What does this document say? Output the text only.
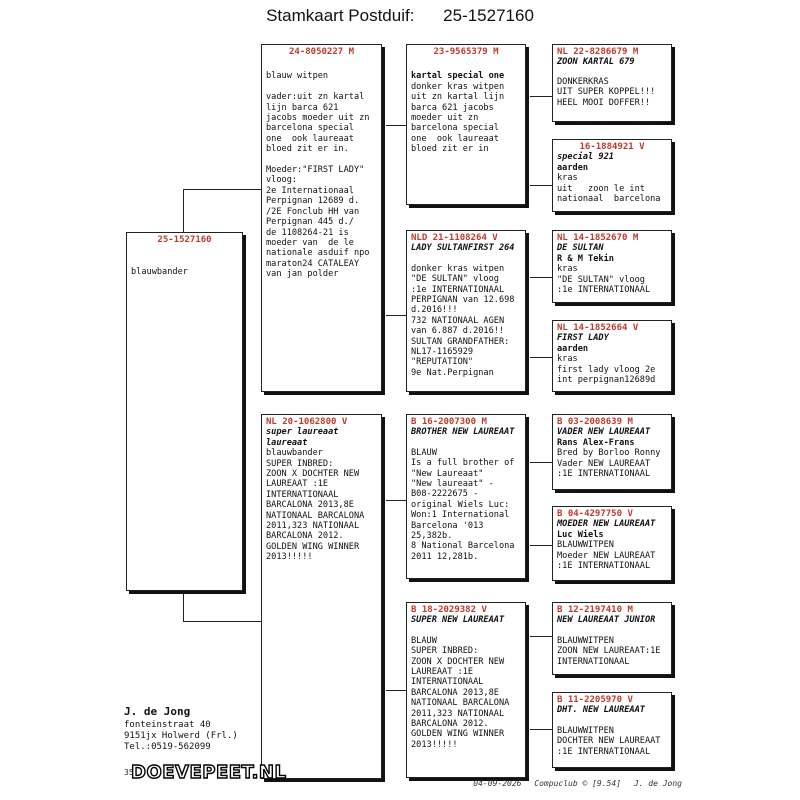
Stamkaart Postduif: 25-1527160
25-1527160
blauwbander
24-8050227 M
blauw witpen

vader:uit zn kartal
lijn barca 621
jacobs moeder uit zn
barcelona special
one  ook laureaat
bloed zit er in.

Moeder:"FIRST LADY"
vloog:
2e Internationaal
Perpignan 12689 d.
/2E Fonclub HH van
Perpignan 445 d./
de 1108264-21 is
moeder van  de le
nationale asduif npo
maraton24 CATALEAY
van jan polder
NL 20-1062800 V
super laureaat
laureaat
blauwbander
SUPER INBRED:
ZOON X DOCHTER NEW
LAUREAAT :1E
INTERNATIONAAL
BARCALONA 2013,8E
NATIONAAL BARCALONA
2011,323 NATIONAAL
BARCALONA 2012.
GOLDEN WING WINNER
2013!!!!!
23-9565379 M
kartal special one
donker kras witpen
uit zn kartal lijn
barca 621 jacobs
moeder uit zn
barcelona special
one  ook laureaat
bloed zit er in
NLD 21-1108264 V
LADY SULTANFIRST 264
donker kras witpen
"DE SULTAN" vloog
:1e INTERNATIONAAL
PERPIGNAN van 12.698
d.2016!!!
732 NATIONAAL AGEN
van 6.887 d.2016!!
SULTAN GRANDFATHER:
NL17-1165929
"REPUTATION"
9e Nat.Perpignan
B 16-2007300 M
BROTHER NEW LAUREAAT
BLAUW
Is a full brother of
"New Laureaat"
"New laureaat" -
B08-2222675 -
original Wiels Luc:
Won:1 International
Barcelona '013
25,382b.
8 National Barcelona
2011 12,281b.
B 18-2029382 V
SUPER NEW LAUREAAT
BLAUW
SUPER INBRED:
ZOON X DOCHTER NEW
LAUREAAT :1E
INTERNATIONAAL
BARCALONA 2013,8E
NATIONAAL BARCALONA
2011,323 NATIONAAL
BARCALONA 2012.
GOLDEN WING WINNER
2013!!!!!
NL 22-8286679 M
ZOON KARTAL 679
DONKERKRAS
UIT SUPER KOPPEL!!!
HEEL MOOI DOFFER!!
16-1884921 V
special 921
aarden
kras
uit   zoon le int
nationaal  barcelona
NL 14-1852670 M
DE SULTAN
R & M Tekin
kras
"DE SULTAN" vloog
:1e INTERNATIONAAL
NL 14-1852664 V
FIRST LADY
aarden
kras
first lady vloog 2e
int perpignan12689d
B 03-2008639 M
VADER NEW LAUREAAT
Rans Alex-Frans
Bred by Borloo Ronny
Vader NEW LAUREAAT
:1E INTERNATIONAAL
B 04-4297750 V
MOEDER NEW LAUREAAT
Luc Wiels
BLAUWWITPEN
Moeder NEW LAUREAAT
:1E INTERNATIONAAL
B 12-2197410 M
NEW LAUREAAT JUNIOR
BLAUWWITPEN
ZOON NEW LAUREAAT:1E
INTERNATIONAAL
B 11-2205970 V
DHT. NEW LAUREAAT
BLAUWWITPEN
DOCHTER NEW LAUREAAT
:1E INTERNATIONAAL
J. de Jong
fonteinstraat 40
9151jx Holwerd (Frl.)
Tel.:0519-562099
35
DOEVEPEET.NL
04-09-2026 Compuclub © [9.54] J. de Jong
